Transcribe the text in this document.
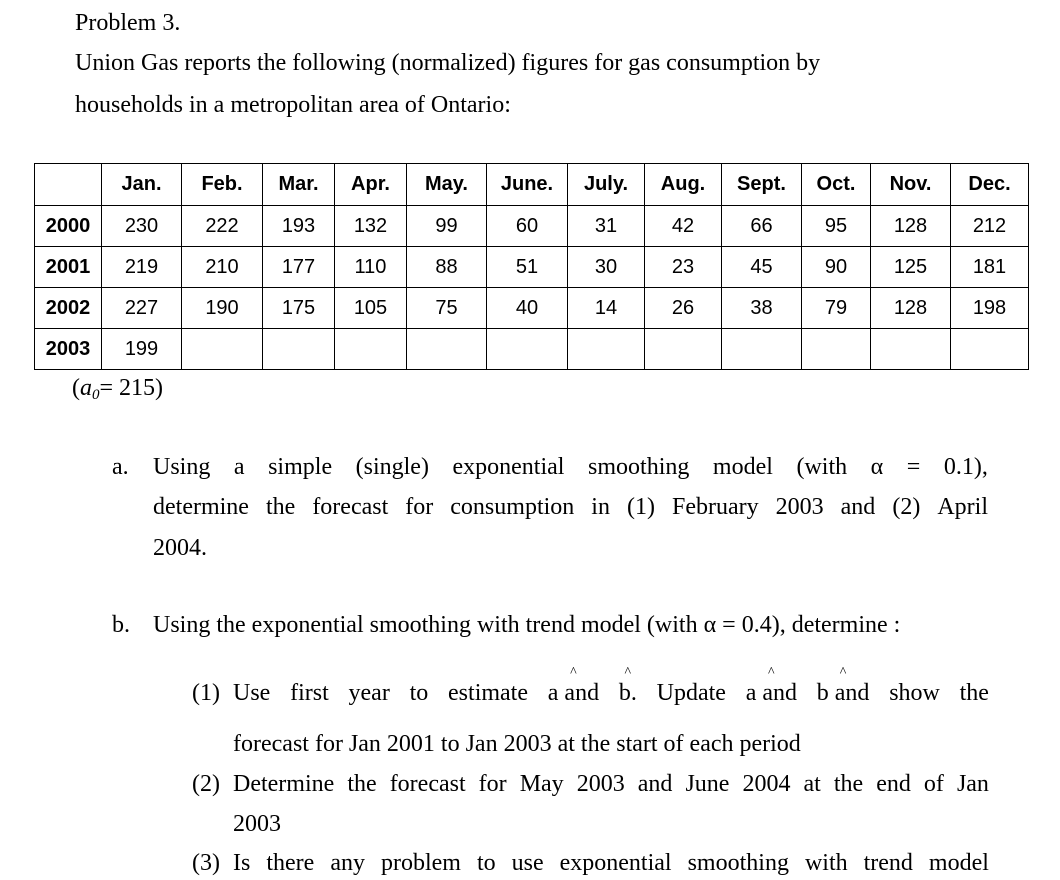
Problem 3.
Union Gas reports the following (normalized) figures for gas consumption by
households in a metropolitan area of Ontario:
	Jan.	Feb.	Mar.	Apr.	May.	June.	July.	Aug.	Sept.	Oct.	Nov.	Dec.
2000	230	222	193	132	99	60	31	42	66	95	128	212
2001	219	210	177	110	88	51	30	23	45	90	125	181
2002	227	190	175	105	75	40	14	26	38	79	128	198
2003	199											
$(a_0= 215)$
a. Using a simple (single) exponential smoothing model (with α = 0.1),
determine the forecast for consumption in (1) February 2003 and (2) April
2004.
b. Using the exponential smoothing with trend model (with α = 0.4), determine :
(1) Use first year to estimate ^ a and ^ b. Update ^ a and ^ b and show the
forecast for Jan 2001 to Jan 2003 at the start of each period
(2) Determine the forecast for May 2003 and June 2004 at the end of Jan
2003
(3) Is there any problem to use exponential smoothing with trend model
